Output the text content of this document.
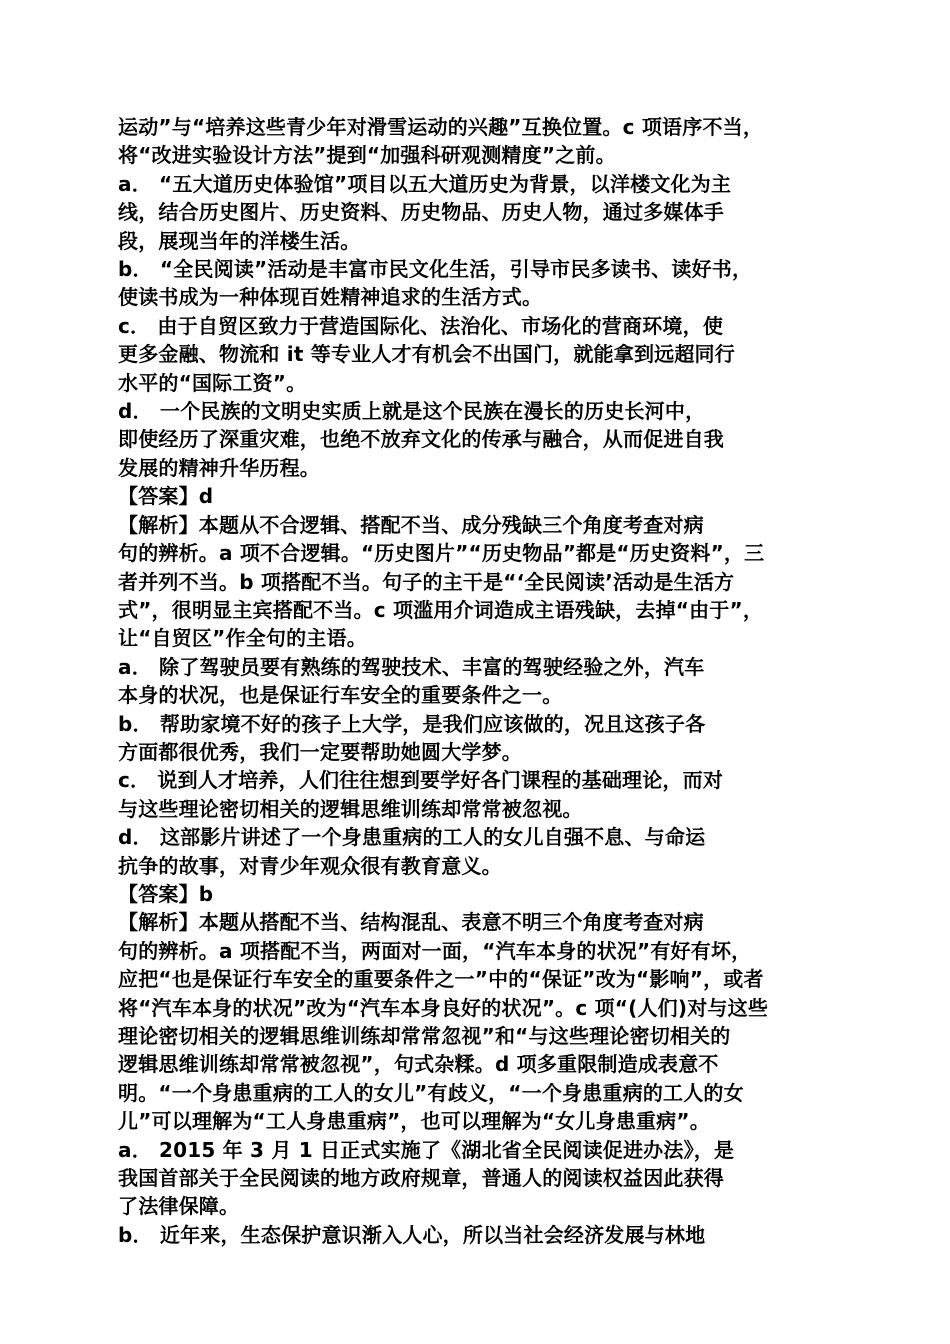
运动”与“培养这些青少年对滑雪运动的兴趣”互换位置。c 项语序不当，
将“改进实验设计方法”提到“加强科研观测精度”之前。
a． “五大道历史体验馆”项目以五大道历史为背景，以洋楼文化为主
线，结合历史图片、历史资料、历史物品、历史人物，通过多媒体手
段，展现当年的洋楼生活。
b． “全民阅读”活动是丰富市民文化生活，引导市民多读书、读好书，
使读书成为一种体现百姓精神追求的生活方式。
c． 由于自贸区致力于营造国际化、法治化、市场化的营商环境，使
更多金融、物流和 it 等专业人才有机会不出国门，就能拿到远超同行
水平的“国际工资”。
d． 一个民族的文明史实质上就是这个民族在漫长的历史长河中，
即使经历了深重灾难，也绝不放弃文化的传承与融合，从而促进自我
发展的精神升华历程。
【答案】d
【解析】本题从不合逻辑、搭配不当、成分残缺三个角度考查对病
句的辨析。a 项不合逻辑。“历史图片”“历史物品”都是“历史资料”，三
者并列不当。b 项搭配不当。句子的主干是“‘全民阅读’活动是生活方
式”，很明显主宾搭配不当。c 项滥用介词造成主语残缺，去掉“由于”，
让“自贸区”作全句的主语。
a． 除了驾驶员要有熟练的驾驶技术、丰富的驾驶经验之外，汽车
本身的状况，也是保证行车安全的重要条件之一。
b． 帮助家境不好的孩子上大学，是我们应该做的，况且这孩子各
方面都很优秀，我们一定要帮助她圆大学梦。
c． 说到人才培养，人们往往想到要学好各门课程的基础理论，而对
与这些理论密切相关的逻辑思维训练却常常被忽视。
d． 这部影片讲述了一个身患重病的工人的女儿自强不息、与命运
抗争的故事，对青少年观众很有教育意义。
【答案】b
【解析】本题从搭配不当、结构混乱、表意不明三个角度考查对病
句的辨析。a 项搭配不当，两面对一面，“汽车本身的状况”有好有坏，
应把“也是保证行车安全的重要条件之一”中的“保证”改为“影响”，或者
将“汽车本身的状况”改为“汽车本身良好的状况”。c 项“(人们)对与这些
理论密切相关的逻辑思维训练却常常忽视”和“与这些理论密切相关的
逻辑思维训练却常常被忽视”，句式杂糅。d 项多重限制造成表意不
明。“一个身患重病的工人的女儿”有歧义，“一个身患重病的工人的女
儿”可以理解为“工人身患重病”，也可以理解为“女儿身患重病”。
a． 2015 年 3 月 1 日正式实施了《湖北省全民阅读促进办法》，是
我国首部关于全民阅读的地方政府规章，普通人的阅读权益因此获得
了法律保障。
b． 近年来，生态保护意识渐入人心，所以当社会经济发展与林地
